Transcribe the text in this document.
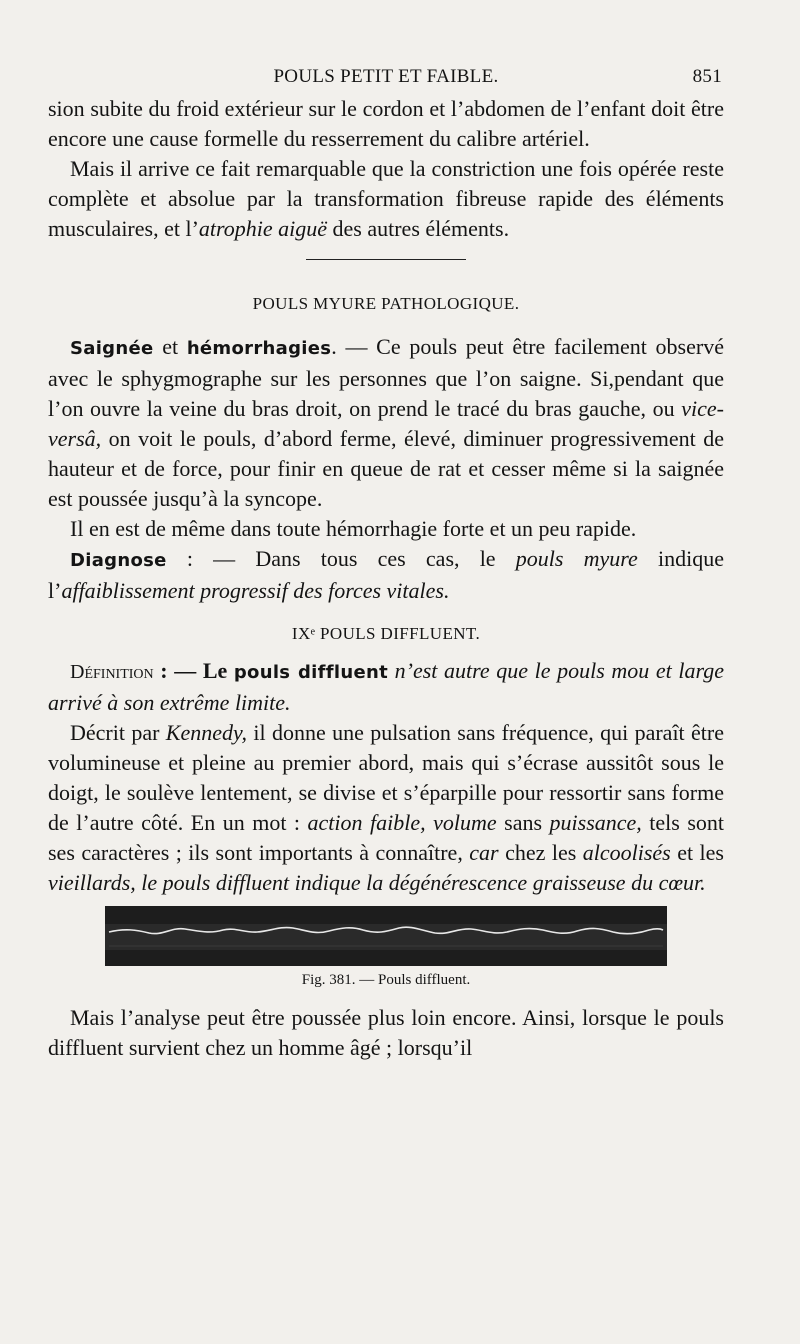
POULS PETIT ET FAIBLE.	851

sion subite du froid extérieur sur le cordon et l’abdomen de l’enfant doit être encore une cause formelle du resserrement du calibre artériel.

Mais il arrive ce fait remarquable que la constriction une fois opérée reste complète et absolue par la transformation fibreuse rapide des éléments musculaires, et l’atrophie aiguë des autres éléments.

POULS MYURE PATHOLOGIQUE.

Saignée et hémorrhagies. — Ce pouls peut être facilement observé avec le sphygmographe sur les personnes que l’on saigne. Si,pendant que l’on ouvre la veine du bras droit, on prend le tracé du bras gauche, ou vice-versâ, on voit le pouls, d’abord ferme, élevé, diminuer progressivement de hauteur et de force, pour finir en queue de rat et cesser même si la saignée est poussée jusqu’à la syncope.

Il en est de même dans toute hémorrhagie forte et un peu rapide.

Diagnose : — Dans tous ces cas, le pouls myure indique l’affaiblissement progressif des forces vitales.

IXᵉ POULS DIFFLUENT.

Définition : — Le pouls diffluent n’est autre que le pouls mou et large arrivé à son extrême limite.

Décrit par Kennedy, il donne une pulsation sans fréquence, qui paraît être volumineuse et pleine au premier abord, mais qui s’écrase aussitôt sous le doigt, le soulève lentement, se divise et s’éparpille pour ressortir sans forme de l’autre côté. En un mot : action faible, volume sans puissance, tels sont ses caractères ; ils sont importants à connaître, car chez les alcoolisés et les vieillards, le pouls diffluent indique la dégénérescence graisseuse du cœur.

Fig. 381. — Pouls diffluent.

Mais l’analyse peut être poussée plus loin encore. Ainsi, lorsque le pouls diffluent survient chez un homme âgé ; lorsqu’il
